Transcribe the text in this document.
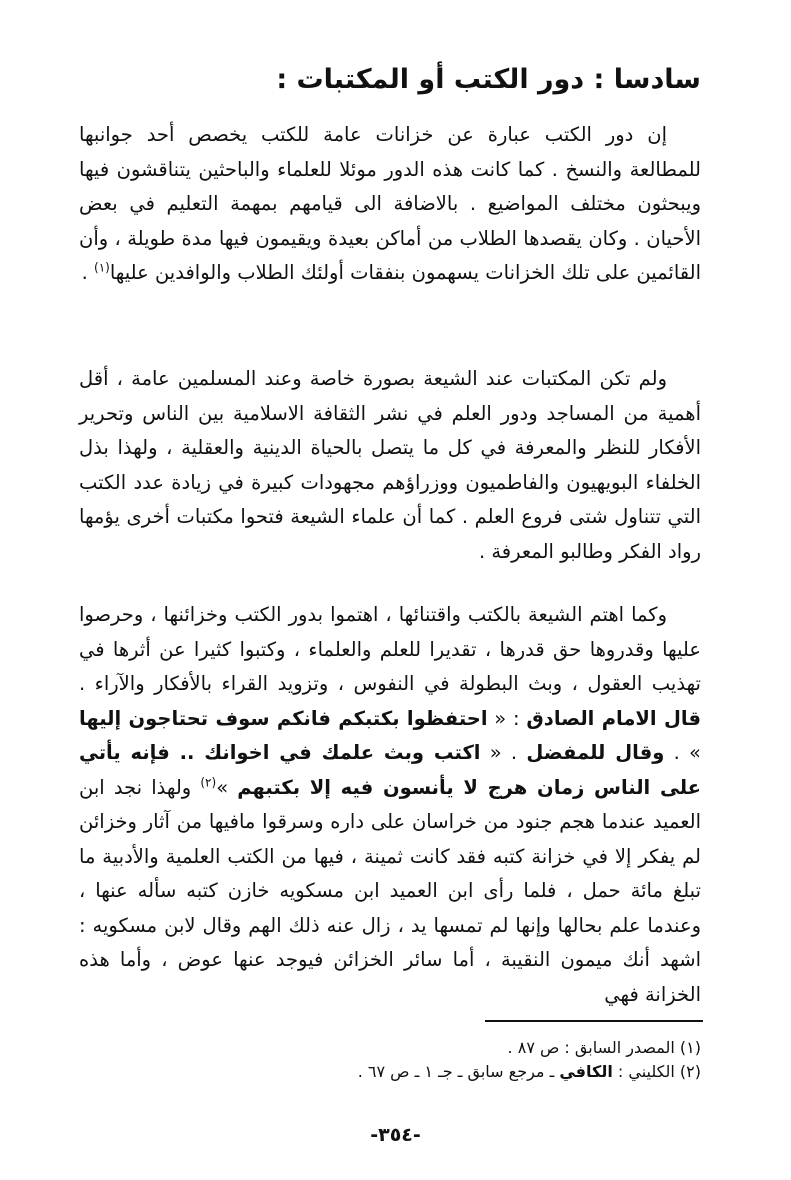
سادسا : دور الكتب أو المكتبات :

إن دور الكتب عبارة عن خزانات عامة للكتب يخصص أحد جوانبها للمطالعة والنسخ . كما كانت هذه الدور موئلا للعلماء والباحثين يتناقشون فيها ويبحثون مختلف المواضيع . بالاضافة الى قيامهم بمهمة التعليم في بعض الأحيان . وكان يقصدها الطلاب من أماكن بعيدة ويقيمون فيها مدة طويلة ، وأن القائمين على تلك الخزانات يسهمون بنفقات أولئك الطلاب والوافدين عليها$^{(١)}$ .

ولم تكن المكتبات عند الشيعة بصورة خاصة وعند المسلمين عامة ، أقل أهمية من المساجد ودور العلم في نشر الثقافة الاسلامية بين الناس وتحرير الأفكار للنظر والمعرفة في كل ما يتصل بالحياة الدينية والعقلية ، ولهذا بذل الخلفاء البويهيون والفاطميون ووزراؤهم مجهودات كبيرة في زيادة عدد الكتب التي تتناول شتى فروع العلم . كما أن علماء الشيعة فتحوا مكتبات أخرى يؤمها رواد الفكر وطالبو المعرفة .

وكما اهتم الشيعة بالكتب واقتنائها ، اهتموا بدور الكتب وخزائنها ، وحرصوا عليها وقدروها حق قدرها ، تقديرا للعلم والعلماء ، وكتبوا كثيرا عن أثرها في تهذيب العقول ، وبث البطولة في النفوس ، وتزويد القراء بالأفكار والآراء . قال الامام الصادق : « احتفظوا بكتبكم فانكم سوف تحتاجون إليها » . وقال للمفضل . « اكتب وبث علمك في اخوانك .. فإنه يأتي على الناس زمان هرج لا يأنسون فيه إلا بكتبهم »$^{(٢)}$ ولهذا نجد ابن العميد عندما هجم جنود من خراسان على داره وسرقوا مافيها من آثار وخزائن لم يفكر إلا في خزانة كتبه فقد كانت ثمينة ، فيها من الكتب العلمية والأدبية ما تبلغ مائة حمل ، فلما رأى ابن العميد ابن مسكويه خازن كتبه سأله عنها ، وعندما علم بحالها وإنها لم تمسها يد ، زال عنه ذلك الهم وقال لابن مسكويه : اشهد أنك ميمون النقيبة ، أما سائر الخزائن فيوجد عنها عوض ، وأما هذه الخزانة فهي

(١) المصدر السابق : ص ٨٧ .

(٢) الكليني : الكافي ـ مرجع سابق ـ جـ ١ ـ ص ٦٧ .

-٣٥٤-
